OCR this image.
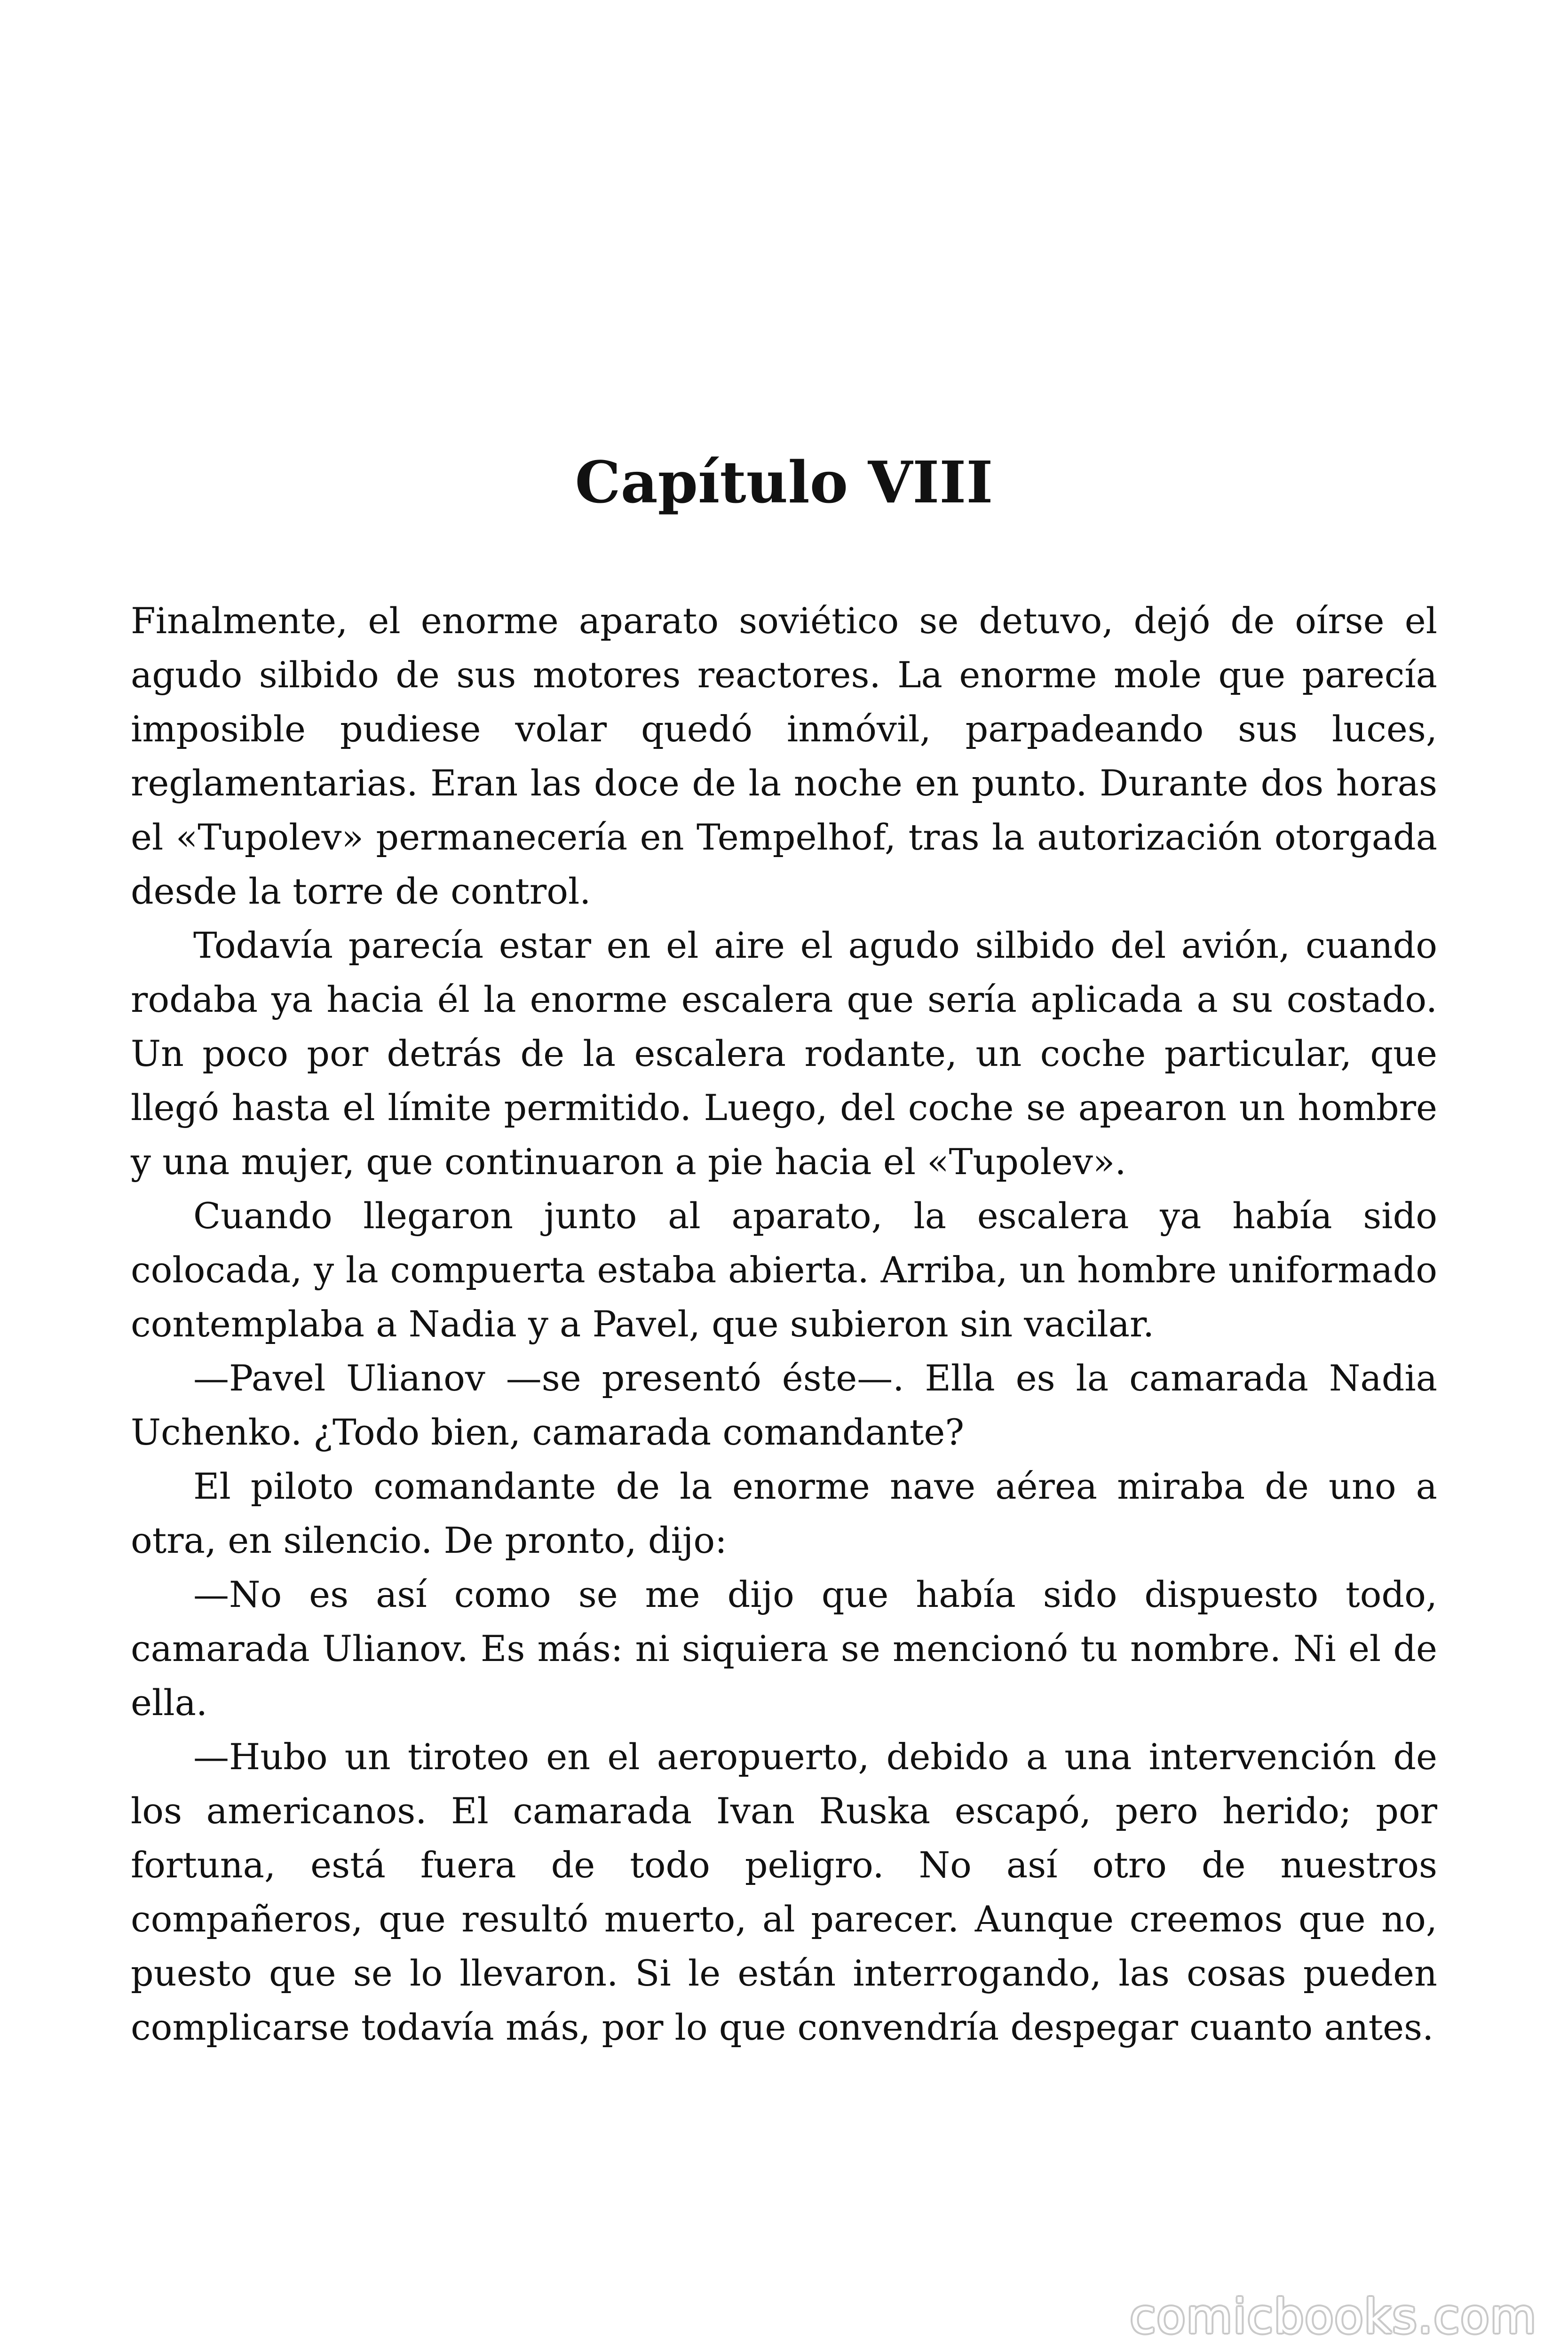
Capítulo VIII

Finalmente, el enorme aparato soviético se detuvo, dejó de oírse el agudo silbido de sus motores reactores. La enorme mole que parecía imposible pudiese volar quedó inmóvil, parpadeando sus luces, reglamentarias. Eran las doce de la noche en punto. Durante dos horas el «Tupolev» permanecería en Tempelhof, tras la autorización otorgada desde la torre de control.

Todavía parecía estar en el aire el agudo silbido del avión, cuando rodaba ya hacia él la enorme escalera que sería aplicada a su costado. Un poco por detrás de la escalera rodante, un coche particular, que llegó hasta el límite permitido. Luego, del coche se apearon un hombre y una mujer, que continuaron a pie hacia el «Tupolev».

Cuando llegaron junto al aparato, la escalera ya había sido colocada, y la compuerta estaba abierta. Arriba, un hombre uniformado contemplaba a Nadia y a Pavel, que subieron sin vacilar.

—Pavel Ulianov —se presentó éste—. Ella es la camarada Nadia Uchenko. ¿Todo bien, camarada comandante?

El piloto comandante de la enorme nave aérea miraba de uno a otra, en silencio. De pronto, dijo:

—No es así como se me dijo que había sido dispuesto todo, camarada Ulianov. Es más: ni siquiera se mencionó tu nombre. Ni el de ella.

—Hubo un tiroteo en el aeropuerto, debido a una intervención de los americanos. El camarada Ivan Ruska escapó, pero herido; por fortuna, está fuera de todo peligro. No así otro de nuestros compañeros, que resultó muerto, al parecer. Aunque creemos que no, puesto que se lo llevaron. Si le están interrogando, las cosas pueden complicarse todavía más, por lo que convendría despegar cuanto antes.

comicbooks.com
